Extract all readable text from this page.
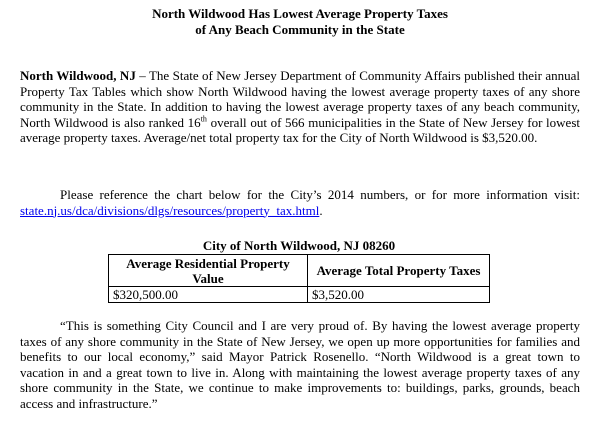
North Wildwood Has Lowest Average Property Taxes
of Any Beach Community in the State

North Wildwood, NJ – The State of New Jersey Department of Community Affairs published their annual Property Tax Tables which show North Wildwood having the lowest average property taxes of any shore community in the State. In addition to having the lowest average property taxes of any beach community, North Wildwood is also ranked 16th overall out of 566 municipalities in the State of New Jersey for lowest average property taxes. Average/net total property tax for the City of North Wildwood is $3,520.00.

Please reference the chart below for the City’s 2014 numbers, or for more information visit: state.nj.us/dca/divisions/dlgs/resources/property_tax.html.

City of North Wildwood, NJ 08260
Average Residential Property Value	Average Total Property Taxes
$320,500.00	$3,520.00

“This is something City Council and I are very proud of. By having the lowest average property taxes of any shore community in the State of New Jersey, we open up more opportunities for families and benefits to our local economy,” said Mayor Patrick Rosenello. “North Wildwood is a great town to vacation in and a great town to live in. Along with maintaining the lowest average property taxes of any shore community in the State, we continue to make improvements to: buildings, parks, grounds, beach access and infrastructure.”
